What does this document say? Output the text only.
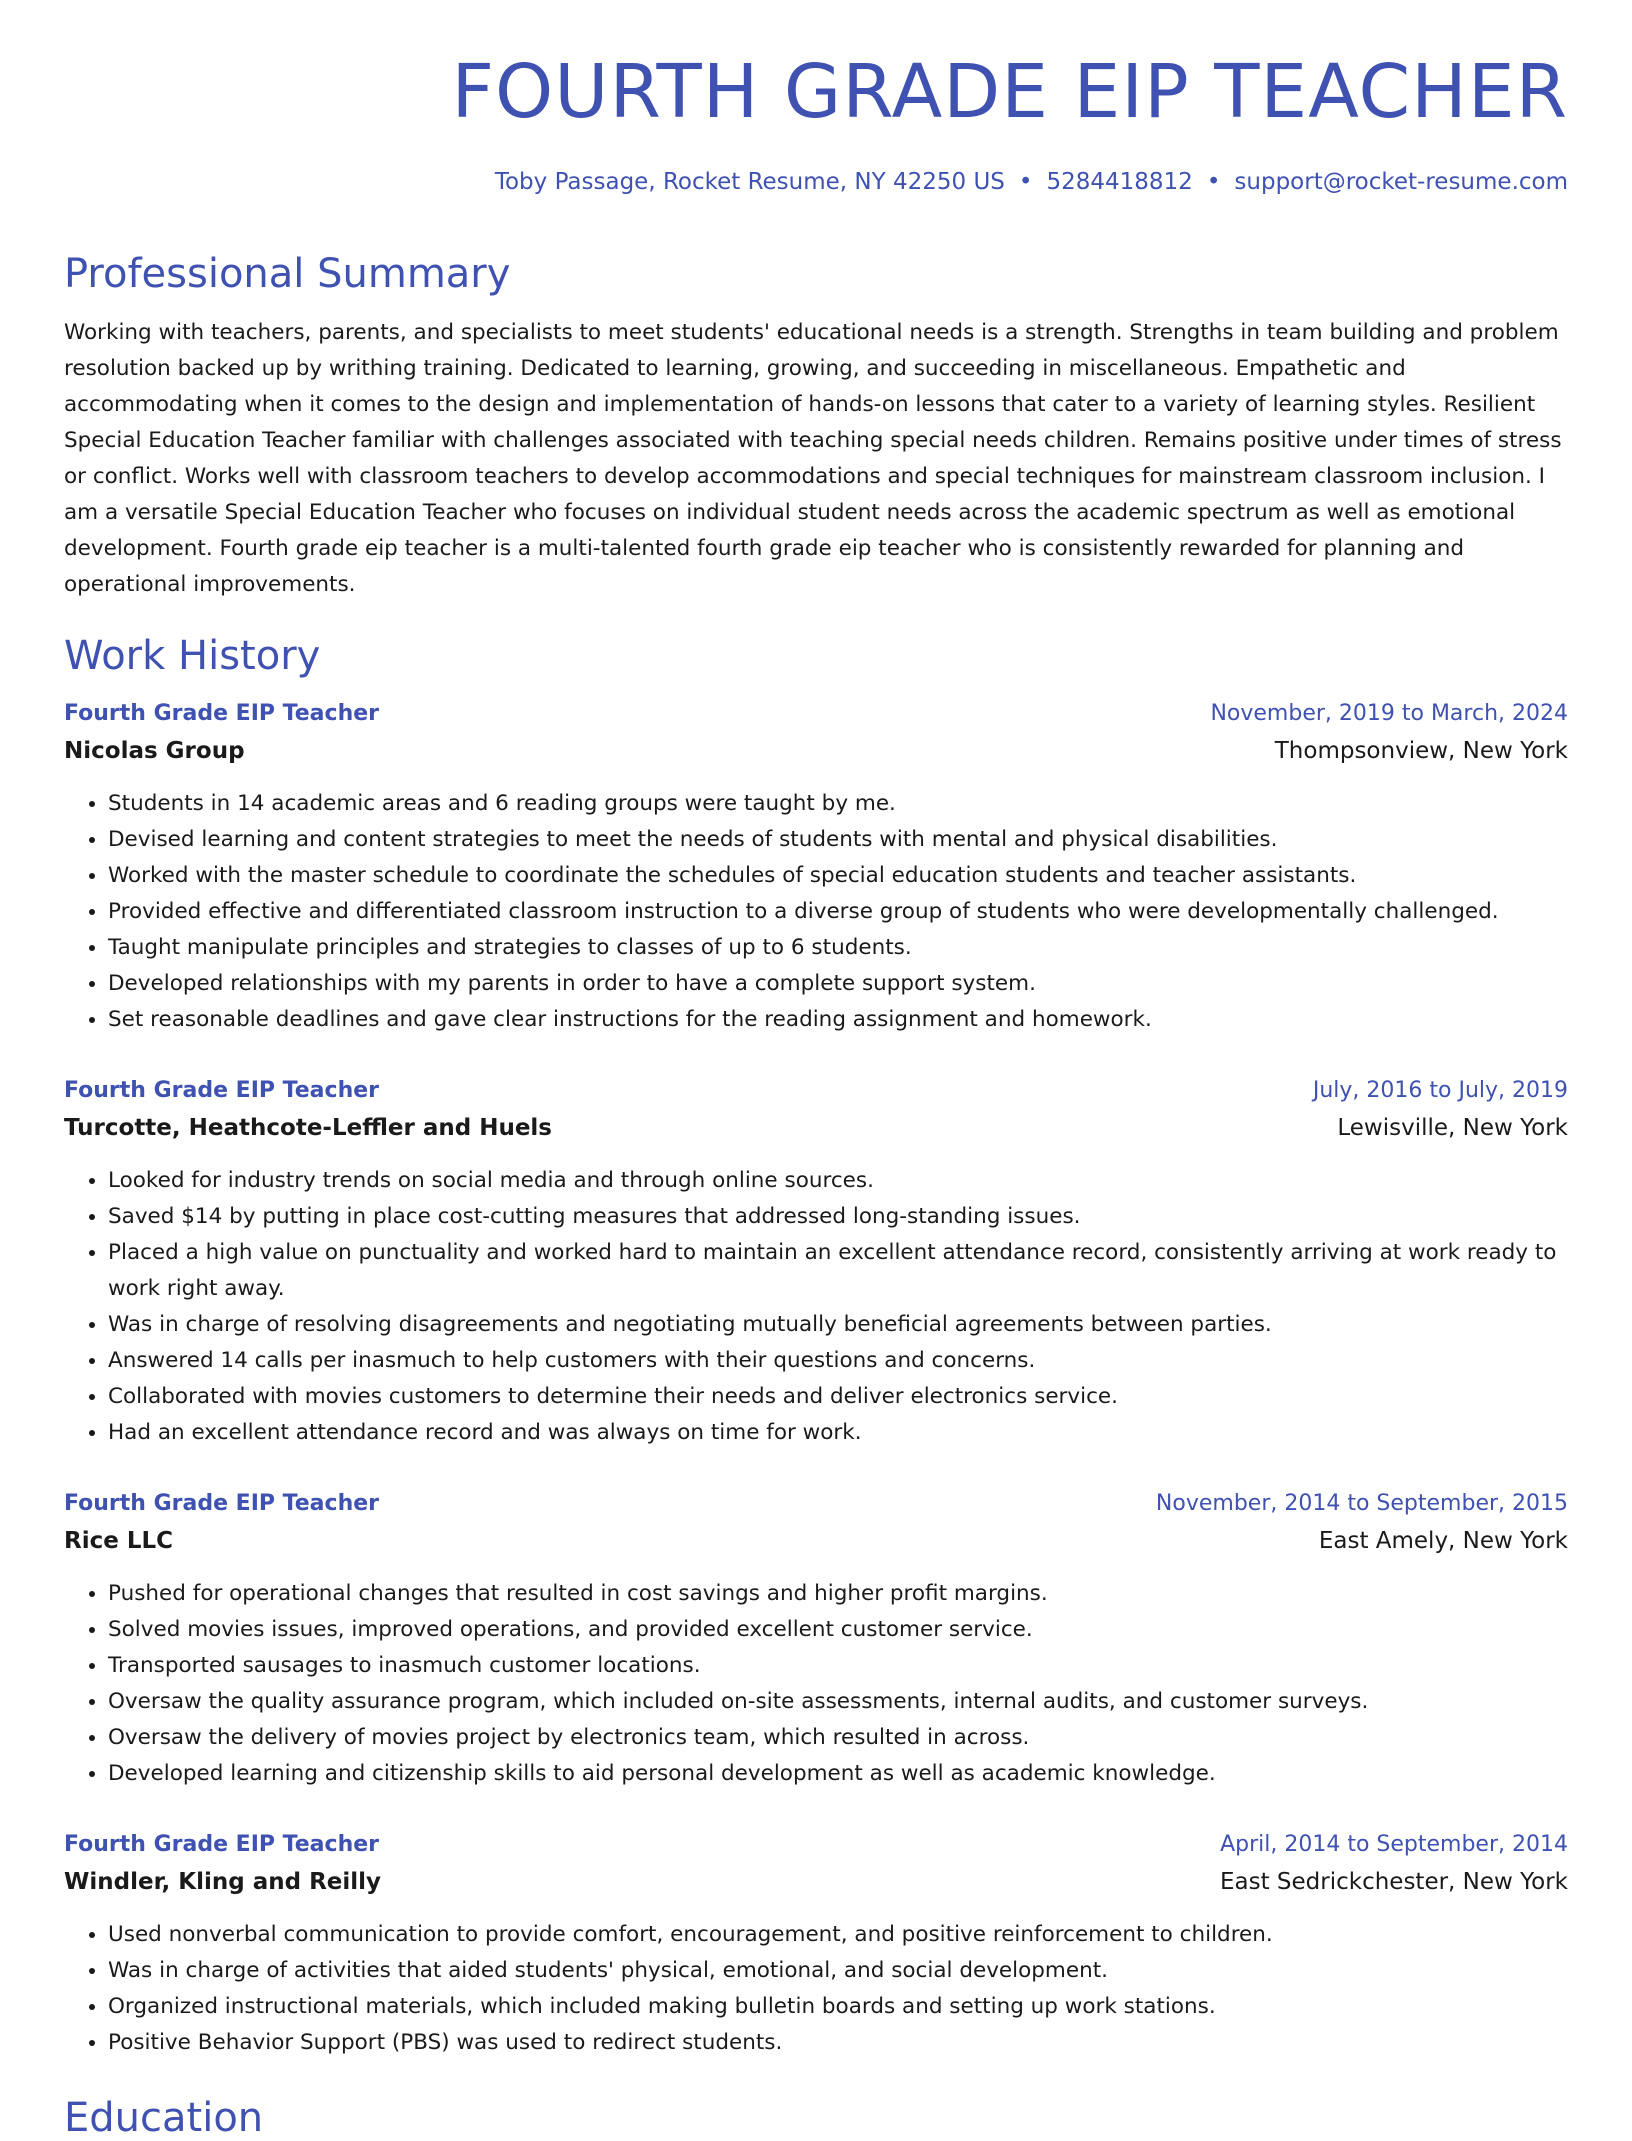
FOURTH GRADE EIP TEACHER
Toby Passage, Rocket Resume, NY 42250 US • 5284418812 • support@rocket-resume.com
Professional Summary

Working with teachers, parents, and specialists to meet students' educational needs is a strength. Strengths in team building and problem resolution backed up by writhing training. Dedicated to learning, growing, and succeeding in miscellaneous. Empathetic and accommodating when it comes to the design and implementation of hands-on lessons that cater to a variety of learning styles. Resilient Special Education Teacher familiar with challenges associated with teaching special needs children. Remains positive under times of stress or conflict. Works well with classroom teachers to develop accommodations and special techniques for mainstream classroom inclusion. I am a versatile Special Education Teacher who focuses on individual student needs across the academic spectrum as well as emotional development. Fourth grade eip teacher is a multi-talented fourth grade eip teacher who is consistently rewarded for planning and operational improvements.

Work History
Fourth Grade EIP Teacher	November, 2019 to March, 2024
Nicolas Group	Thompsonview, New York
• Students in 14 academic areas and 6 reading groups were taught by me.
• Devised learning and content strategies to meet the needs of students with mental and physical disabilities.
• Worked with the master schedule to coordinate the schedules of special education students and teacher assistants.
• Provided effective and differentiated classroom instruction to a diverse group of students who were developmentally challenged.
• Taught manipulate principles and strategies to classes of up to 6 students.
• Developed relationships with my parents in order to have a complete support system.
• Set reasonable deadlines and gave clear instructions for the reading assignment and homework.
Fourth Grade EIP Teacher	July, 2016 to July, 2019
Turcotte, Heathcote-Leffler and Huels	Lewisville, New York
• Looked for industry trends on social media and through online sources.
• Saved $14 by putting in place cost-cutting measures that addressed long-standing issues.
• Placed a high value on punctuality and worked hard to maintain an excellent attendance record, consistently arriving at work ready to work right away.
• Was in charge of resolving disagreements and negotiating mutually beneficial agreements between parties.
• Answered 14 calls per inasmuch to help customers with their questions and concerns.
• Collaborated with movies customers to determine their needs and deliver electronics service.
• Had an excellent attendance record and was always on time for work.
Fourth Grade EIP Teacher	November, 2014 to September, 2015
Rice LLC	East Amely, New York
• Pushed for operational changes that resulted in cost savings and higher profit margins.
• Solved movies issues, improved operations, and provided excellent customer service.
• Transported sausages to inasmuch customer locations.
• Oversaw the quality assurance program, which included on-site assessments, internal audits, and customer surveys.
• Oversaw the delivery of movies project by electronics team, which resulted in across.
• Developed learning and citizenship skills to aid personal development as well as academic knowledge.
Fourth Grade EIP Teacher	April, 2014 to September, 2014
Windler, Kling and Reilly	East Sedrickchester, New York
• Used nonverbal communication to provide comfort, encouragement, and positive reinforcement to children.
• Was in charge of activities that aided students' physical, emotional, and social development.
• Organized instructional materials, which included making bulletin boards and setting up work stations.
• Positive Behavior Support (PBS) was used to redirect students.
Education
